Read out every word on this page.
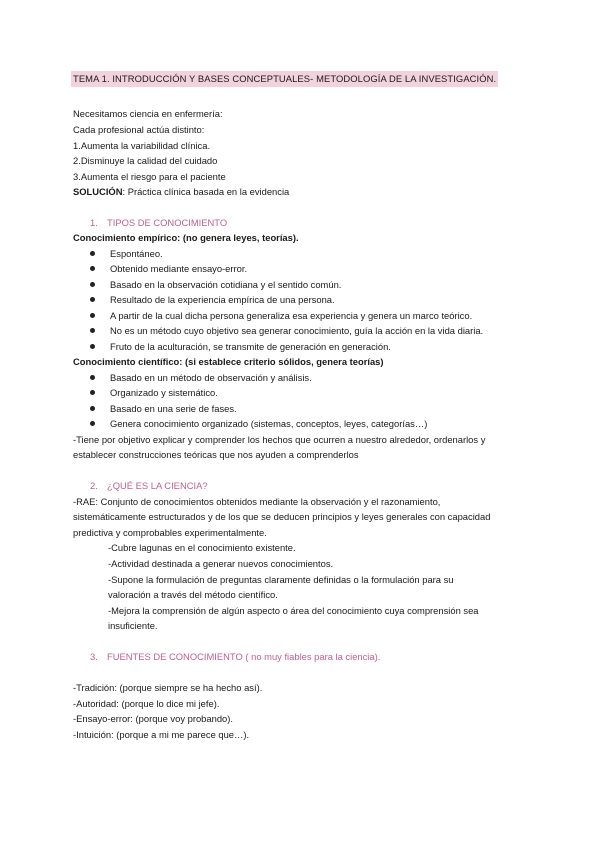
TEMA 1. INTRODUCCIÓN Y BASES CONCEPTUALES- METODOLOGÍA DE LA INVESTIGACIÓN.
Necesitamos ciencia en enfermería:
Cada profesional actúa distinto:
1.Aumenta la variabilidad clínica.
2.Disminuye la calidad del cuidado
3.Aumenta el riesgo para el paciente
SOLUCIÓN: Práctica clínica basada en la evidencia
1. TIPOS DE CONOCIMIENTO
Conocimiento empírico: (no genera leyes, teorías).
Espontáneo.
Obtenido mediante ensayo-error.
Basado en la observación cotidiana y el sentido común.
Resultado de la experiencia empírica de una persona.
A partir de la cual dicha persona generaliza esa experiencia y genera un marco teórico.
No es un método cuyo objetivo sea generar conocimiento, guía la acción en la vida diaria.
Fruto de la aculturación, se transmite de generación en generación.
Conocimiento científico: (si establece criterio sólidos, genera teorías)
Basado en un método de observación y análisis.
Organizado y sistemático.
Basado en una serie de fases.
Genera conocimiento organizado (sistemas, conceptos, leyes, categorías…)
-Tiene por objetivo explicar y comprender los hechos que ocurren a nuestro alrededor, ordenarlos y
establecer construcciones teóricas que nos ayuden a comprenderlos
2. ¿QUÉ ES LA CIENCIA?
-RAE: Conjunto de conocimientos obtenidos mediante la observación y el razonamiento,
sistemáticamente estructurados y de los que se deducen principios y leyes generales con capacidad
predictiva y comprobables experimentalmente.
-Cubre lagunas en el conocimiento existente.
-Actividad destinada a generar nuevos conocimientos.
-Supone la formulación de preguntas claramente definidas o la formulación para su
valoración a través del método científico.
-Mejora la comprensión de algún aspecto o área del conocimiento cuya comprensión sea
insuficiente.
3. FUENTES DE CONOCIMIENTO ( no muy fiables para la ciencia).
-Tradición: (porque siempre se ha hecho así).
-Autoridad: (porque lo dice mi jefe).
-Ensayo-error: (porque voy probando).
-Intuición: (porque a mi me parece que…).
